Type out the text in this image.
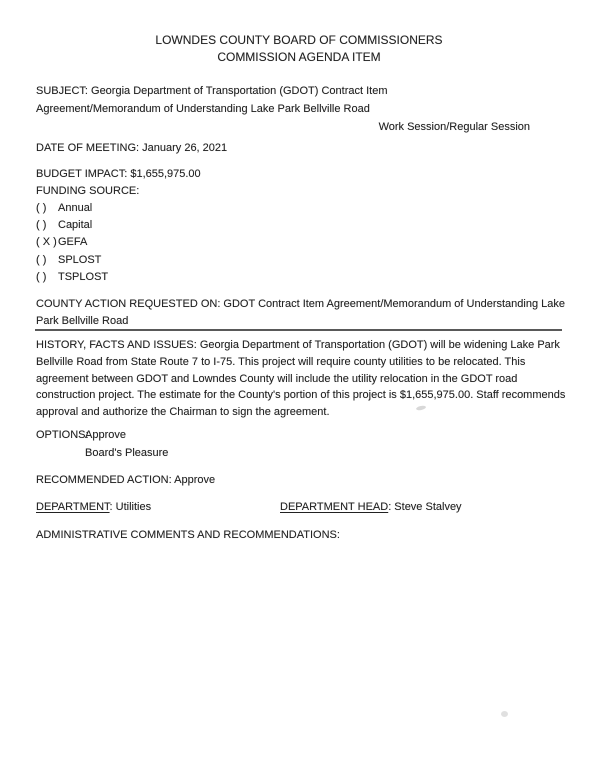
LOWNDES COUNTY BOARD OF COMMISSIONERS
COMMISSION AGENDA ITEM
SUBJECT: Georgia Department of Transportation (GDOT) Contract Item
Agreement/Memorandum of Understanding Lake Park Bellville Road
Work Session/Regular Session
DATE OF MEETING: January 26, 2021
BUDGET IMPACT: $1,655,975.00
FUNDING SOURCE:
( )	Annual
( )	Capital
( X ) GEFA
( )	SPLOST
( )	TSPLOST
COUNTY ACTION REQUESTED ON: GDOT Contract Item Agreement/Memorandum of Understanding Lake
Park Bellville Road
HISTORY, FACTS AND ISSUES: Georgia Department of Transportation (GDOT) will be widening Lake Park
Bellville Road from State Route 7 to I-75. This project will require county utilities to be relocated. This
agreement between GDOT and Lowndes County will include the utility relocation in the GDOT road
construction project. The estimate for the County's portion of this project is $1,655,975.00. Staff recommends
approval and authorize the Chairman to sign the agreement.
OPTIONS:
Approve
Board's Pleasure
RECOMMENDED ACTION: Approve
DEPARTMENT: Utilities	DEPARTMENT HEAD: Steve Stalvey
ADMINISTRATIVE COMMENTS AND RECOMMENDATIONS:
